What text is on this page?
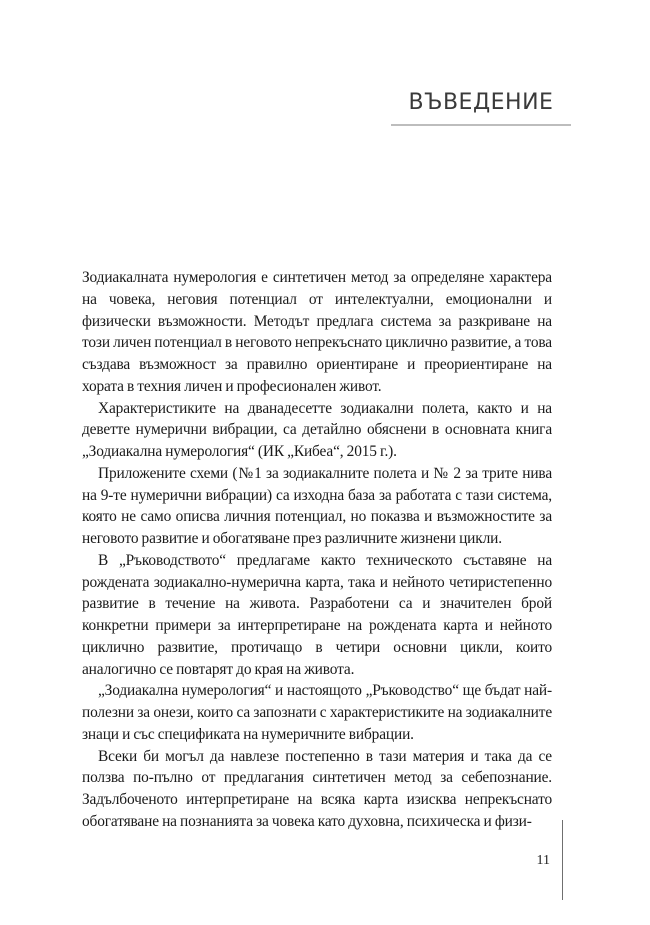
ВЪВЕДЕНИЕ

Зодиакалната нумерология е синтетичен метод за определяне характера на човека, неговия потенциал от интелектуални, емоционални и физически възможности. Методът предлага система за разкриване на този личен потенциал в неговото непрекъснато циклично развитие, а това създава възможност за правилно ориентиране и преориентиране на хората в техния личен и професионален живот.

Характеристиките на дванадесетте зодиакални полета, както и на деветте нумерични вибрации, са детайлно обяснени в основната книга „Зодиакална нумерология“ (ИК „Кибеа“, 2015 г.).

Приложените схеми (№1 за зодиакалните полета и № 2 за трите нива на 9-те нумерични вибрации) са изходна база за работата с тази система, която не само описва личния потенциал, но показва и възможностите за неговото развитие и обогатяване през различните жизнени цикли.

В „Ръководството“ предлагаме както техническото съставяне на рождената зодиакално-нумерична карта, така и нейното четиристепенно развитие в течение на живота. Разработени са и значителен брой конкретни примери за интерпретиране на рождената карта и нейното циклично развитие, протичащо в четири основни цикли, които аналогично се повтарят до края на живота.

„Зодиакална нумерология“ и настоящото „Ръководство“ ще бъдат най-полезни за онези, които са запознати с характеристиките на зодиакалните знаци и със спецификата на нумеричните вибрации.

Всеки би могъл да навлезе постепенно в тази материя и така да се ползва по-пълно от предлагания синтетичен метод за себепознание. Задълбоченото интерпретиране на всяка карта изисква непрекъснато обогатяване на познанията за човека като духовна, психическа и физи-

11
